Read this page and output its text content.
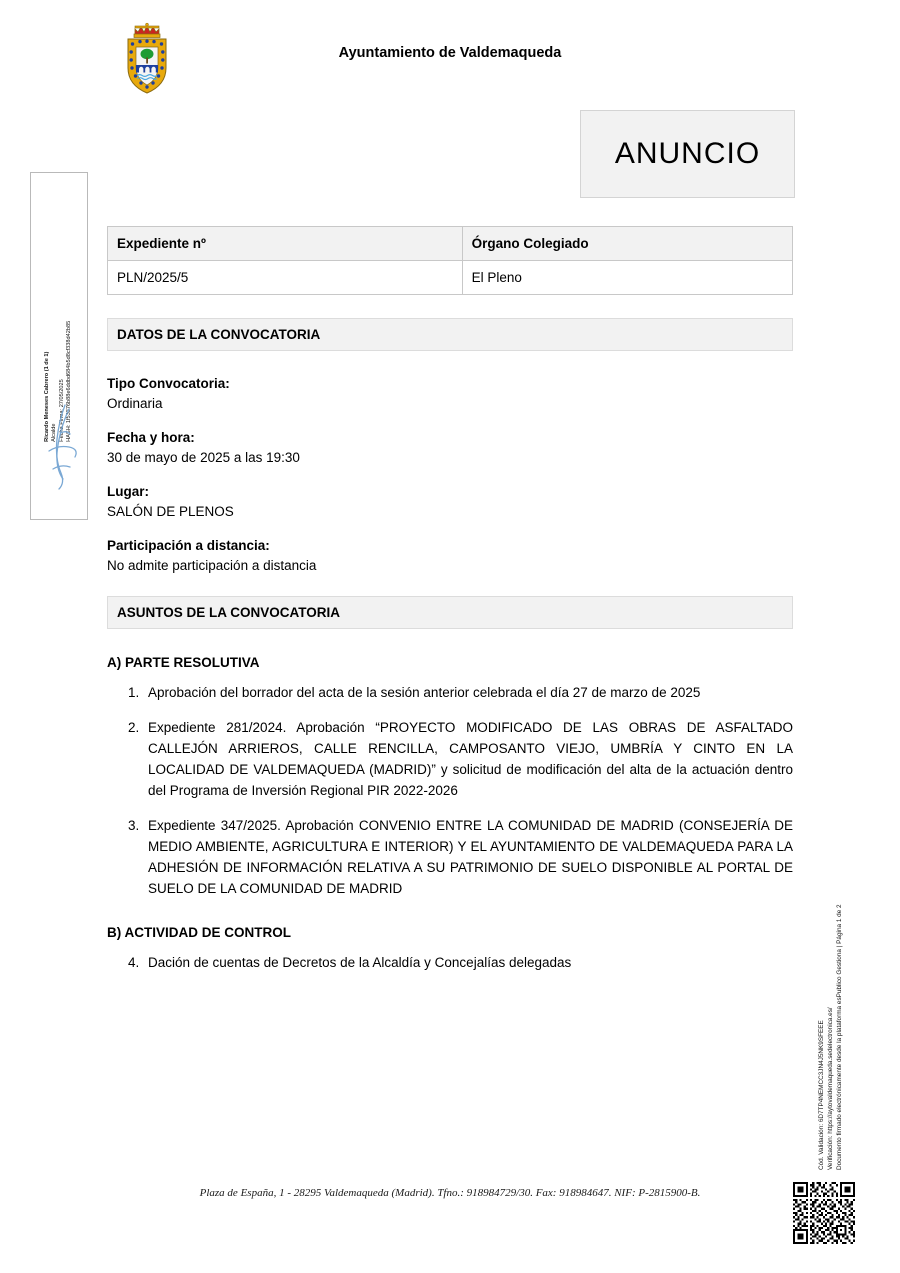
Ayuntamiento de Valdemaqueda
ANUNCIO
Ricardo Meneses Cabrero (1 de 1) Alcalde Fecha Firma: 27/05/2025 HASH: 1f53376b88e6ddbd684b5d8cf338d42b85
Expediente nº	Órgano Colegiado
PLN/2025/5	El Pleno
DATOS DE LA CONVOCATORIA
Tipo Convocatoria:
Ordinaria
Fecha y hora:
30 de mayo de 2025 a las 19:30
Lugar:
SALÓN DE PLENOS
Participación a distancia:
No admite participación a distancia
ASUNTOS DE LA CONVOCATORIA
A) PARTE RESOLUTIVA
1. Aprobación del borrador del acta de la sesión anterior celebrada el día 27 de marzo de 2025
2. Expediente 281/2024. Aprobación “PROYECTO MODIFICADO DE LAS OBRAS DE ASFALTADO CALLEJÓN ARRIEROS, CALLE RENCILLA, CAMPOSANTO VIEJO, UMBRÍA Y CINTO EN LA LOCALIDAD DE VALDEMAQUEDA (MADRID)” y solicitud de modificación del alta de la actuación dentro del Programa de Inversión Regional PIR 2022-2026
3. Expediente 347/2025. Aprobación CONVENIO ENTRE LA COMUNIDAD DE MADRID (CONSEJERÍA DE MEDIO AMBIENTE, AGRICULTURA E INTERIOR) Y EL AYUNTAMIENTO DE VALDEMAQUEDA PARA LA ADHESIÓN DE INFORMACIÓN RELATIVA A SU PATRIMONIO DE SUELO DISPONIBLE AL PORTAL DE SUELO DE LA COMUNIDAD DE MADRID
B) ACTIVIDAD DE CONTROL
4. Dación de cuentas de Decretos de la Alcaldía y Concejalías delegadas
Plaza de España, 1 - 28295 Valdemaqueda (Madrid). Tfno.: 918984729/30. Fax: 918984647. NIF: P-2815900-B.
Cód. Validación: 6D7TP4NEMCC3JN4J5NK9SFEEE Verificación: https://aytovaldemaqueda.sedelectronica.es/ Documento firmado electrónicamente desde la plataforma esPublico Gestiona | Página 1 de 2
